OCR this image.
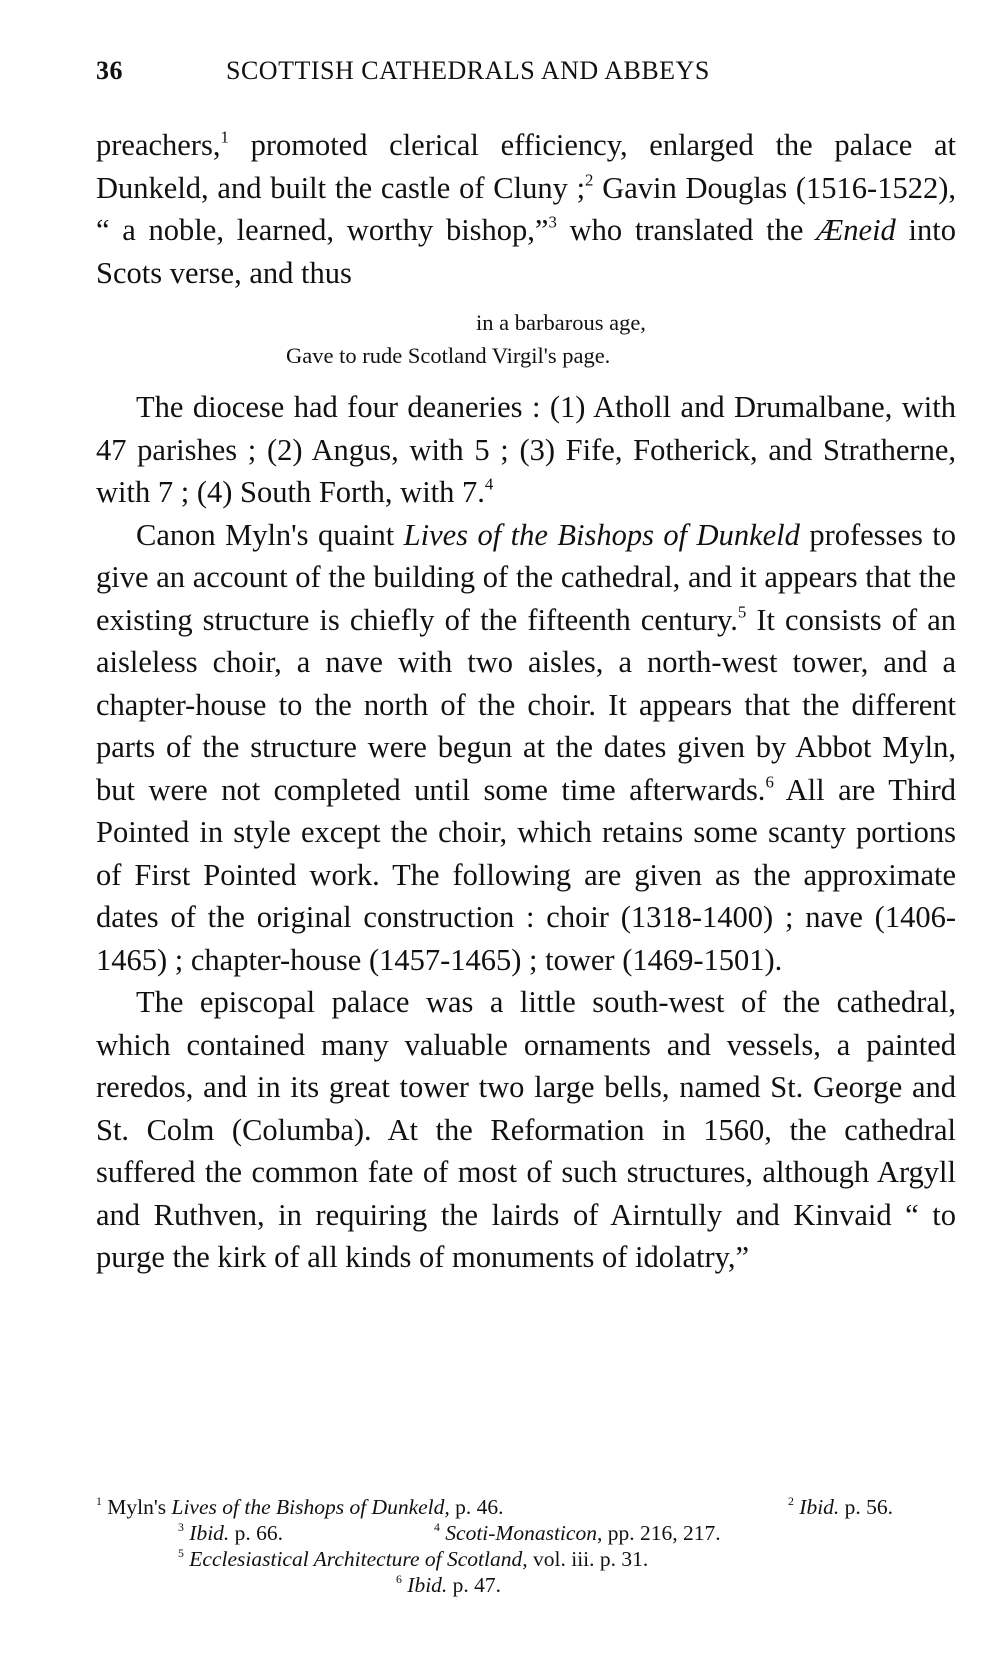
36	SCOTTISH CATHEDRALS AND ABBEYS

preachers,$^1$ promoted clerical efficiency, enlarged the palace at Dunkeld, and built the castle of Cluny ;$^2$ Gavin Douglas (1516-1522), “ a noble, learned, worthy bishop,”$^3$ who translated the Æneid into Scots verse, and thus

in a barbarous age,
Gave to rude Scotland Virgil's page.

The diocese had four deaneries : (1) Atholl and Drumalbane, with 47 parishes ; (2) Angus, with 5 ; (3) Fife, Fotherick, and Stratherne, with 7 ; (4) South Forth, with 7.$^4$

Canon Myln's quaint Lives of the Bishops of Dunkeld professes to give an account of the building of the cathedral, and it appears that the existing structure is chiefly of the fifteenth century.$^5$ It consists of an aisleless choir, a nave with two aisles, a north-west tower, and a chapter-house to the north of the choir. It appears that the different parts of the structure were begun at the dates given by Abbot Myln, but were not completed until some time afterwards.$^6$ All are Third Pointed in style except the choir, which retains some scanty portions of First Pointed work. The following are given as the approximate dates of the original construction : choir (1318-1400) ; nave (1406-1465) ; chapter-house (1457-1465) ; tower (1469-1501).

The episcopal palace was a little south-west of the cathedral, which contained many valuable ornaments and vessels, a painted reredos, and in its great tower two large bells, named St. George and St. Colm (Columba). At the Reformation in 1560, the cathedral suffered the common fate of most of such structures, although Argyll and Ruthven, in requiring the lairds of Airntully and Kinvaid “ to purge the kirk of all kinds of monuments of idolatry,”

$^1$ Myln's Lives of the Bishops of Dunkeld, p. 46.	$^2$ Ibid. p. 56.
$^3$ Ibid. p. 66.	$^4$ Scoti-Monasticon, pp. 216, 217.
$^5$ Ecclesiastical Architecture of Scotland, vol. iii. p. 31.
$^6$ Ibid. p. 47.
